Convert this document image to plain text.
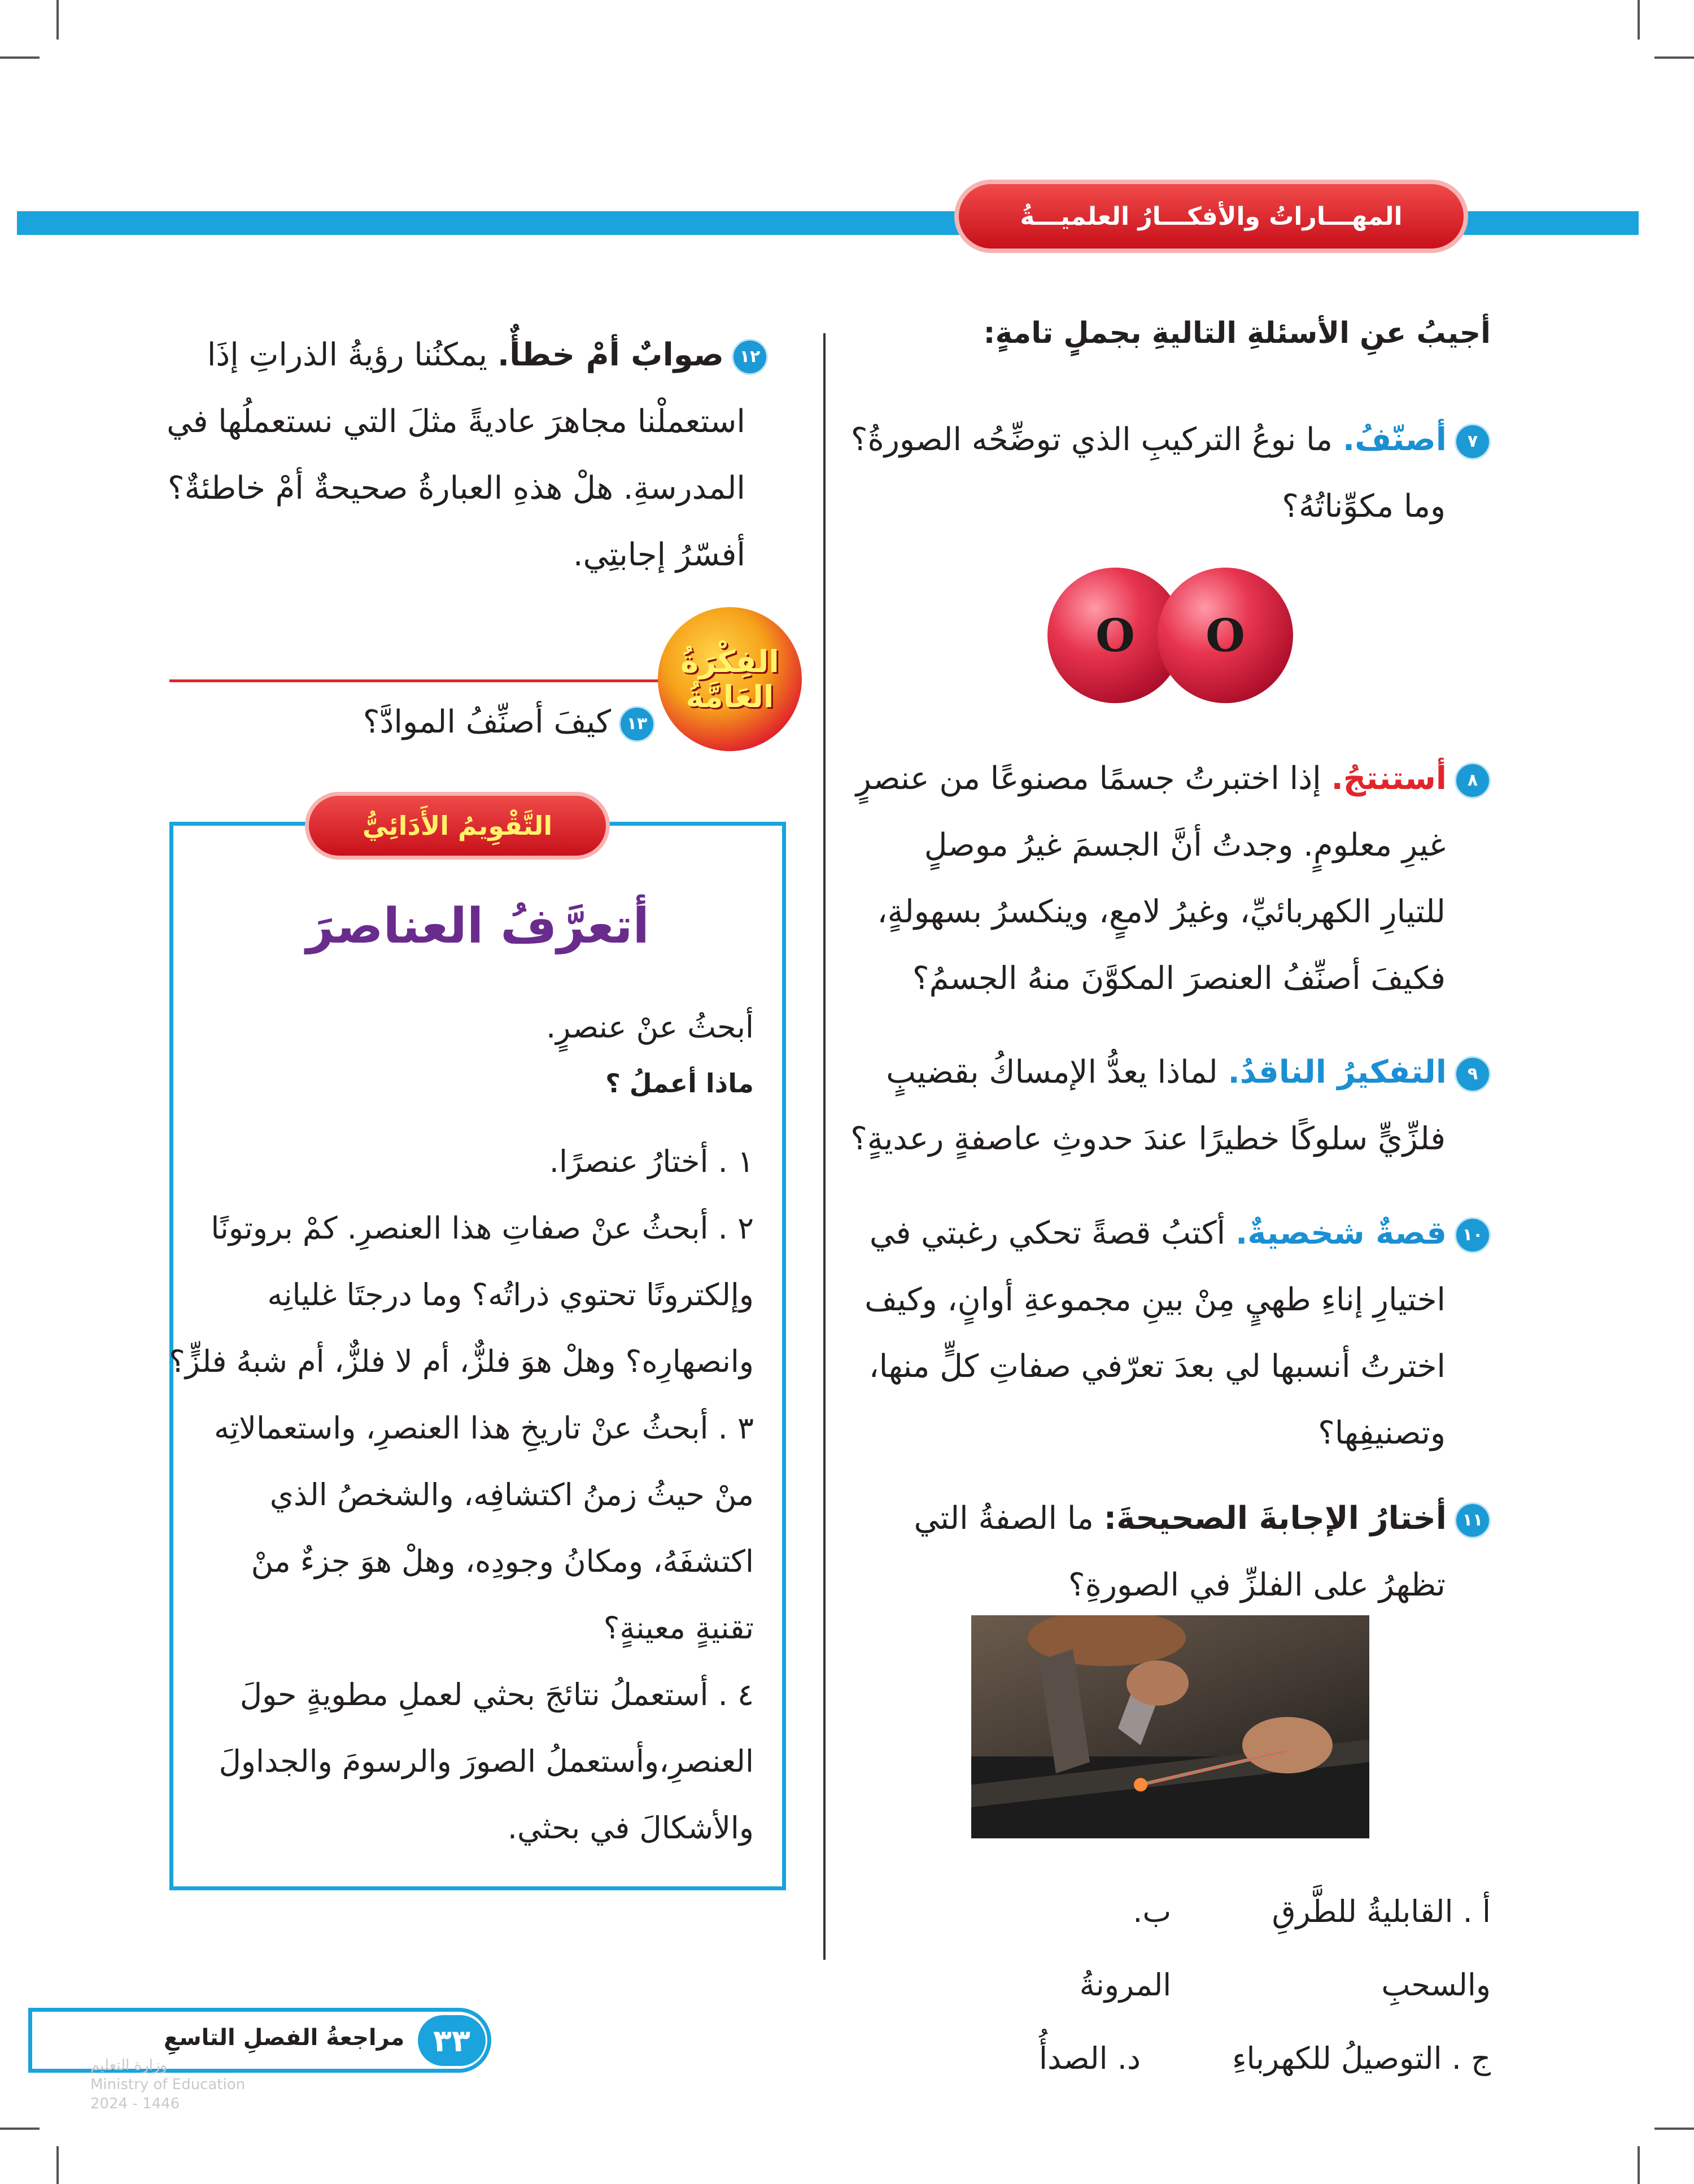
المهـــاراتُ والأفكـــارُ العلميـــةُ
أجيبُ عنِ الأسئلةِ التاليةِ بجملٍ تامةٍ:
٧أصنّفُ. ما نوعُ التركيبِ الذي توضِّحُه الصورةُ؟
وما مكوِّناتُهُ؟
O O
٨أستنتجُ. إذا اختبرتُ جسمًا مصنوعًا من عنصرٍ
غيرِ معلومٍ. وجدتُ أنَّ الجسمَ غيرُ موصلٍ
للتيارِ الكهربائيِّ، وغيرُ لامعٍ، وينكسرُ بسهولةٍ،
فكيفَ أصنِّفُ العنصرَ المكوَّنَ منهُ الجسمُ؟
٩التفكيرُ الناقدُ. لماذا يعدُّ الإمساكُ بقضيبٍ
فلزِّيٍّ سلوكًا خطيرًا عندَ حدوثِ عاصفةٍ رعديةٍ؟
١٠قصةٌ شخصيةٌ. أكتبُ قصةً تحكي رغبتي في
اختيارِ إناءِ طهيٍ مِنْ بينِ مجموعةِ أوانٍ، وكيف
اخترتُ أنسبها لي بعدَ تعرّفي صفاتِ كلٍّ منها،
وتصنيفِها؟
١١أختارُ الإجابةَ الصحيحةَ: ما الصفةُ التي
تظهرُ على الفلزِّ في الصورةِ؟
أ . القابليةُ للطَّرقِ والسحبِ
ب. المرونةُ
ج . التوصيلُ للكهرباءِ
د. الصدأُ
١٢صوابٌ أمْ خطأٌ. يمكنُنا رؤيةُ الذراتِ إذَا
استعملْنا مجاهرَ عاديةً مثلَ التي نستعملُها في
المدرسةِ. هلْ هذهِ العبارةُ صحيحةٌ أمْ خاطئةٌ؟
أفسّرُ إجابتِي.
الفِكْرَةُ
العَامَّةُ
١٣كيفَ أصنِّفُ الموادَّ؟
التَّقْوِيمُ الأَدَائِيُّ
أتعرَّفُ العناصرَ
أبحثُ عنْ عنصرٍ.
ماذا أعملُ ؟
١ . أختارُ عنصرًا.
٢ . أبحثُ عنْ صفاتِ هذا العنصرِ. كمْ بروتونًا
وإلكترونًا تحتوي ذراتُه؟ وما درجتَا غليانِه
وانصهارِه؟ وهلْ هوَ فلزٌّ، أم لا فلزٌّ، أم شبهُ فلزٍّ؟
٣ . أبحثُ عنْ تاريخِ هذا العنصرِ، واستعمالاتِه
منْ حيثُ زمنُ اكتشافِه، والشخصُ الذي
اكتشفَهُ، ومكانُ وجودِه، وهلْ هوَ جزءٌ منْ
تقنيةٍ معينةٍ؟
٤ . أستعملُ نتائجَ بحثي لعملِ مطويةٍ حولَ
العنصرِ،وأستعملُ الصورَ والرسومَ والجداولَ
والأشكالَ في بحثي.
٣٣
مراجعةُ الفصلِ التاسعِ
وزارة التعليم
Ministry of Education
2024 - 1446
